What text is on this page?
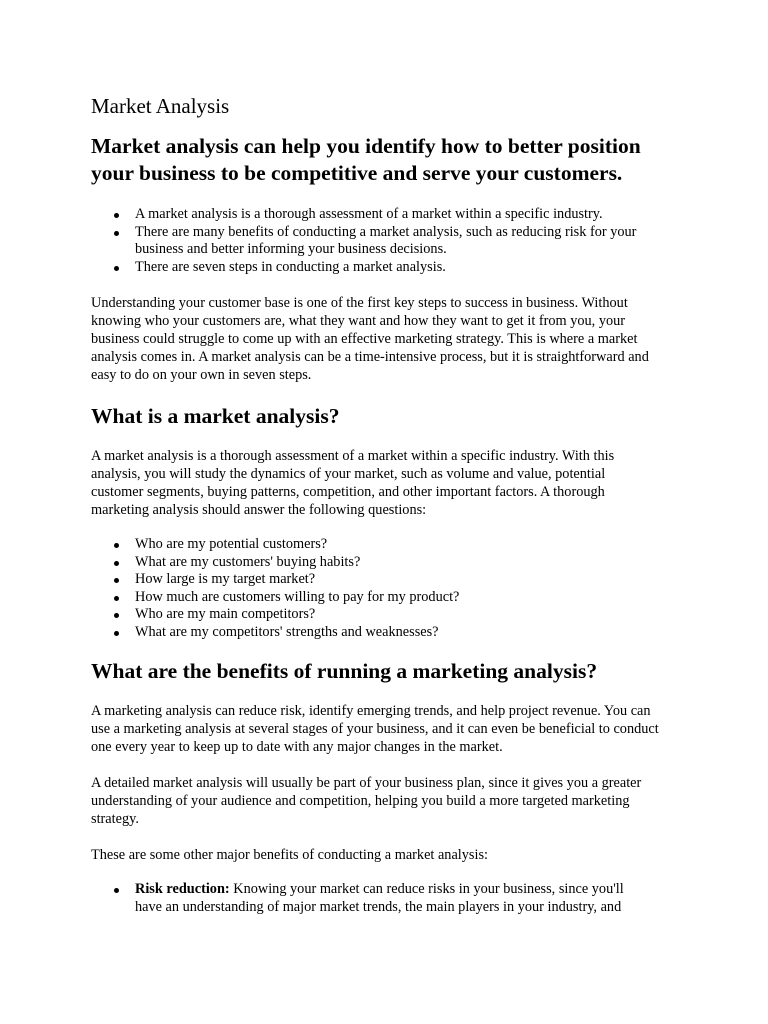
Market Analysis
Market analysis can help you identify how to better position your business to be competitive and serve your customers.
A market analysis is a thorough assessment of a market within a specific industry.
There are many benefits of conducting a market analysis, such as reducing risk for your business and better informing your business decisions.
There are seven steps in conducting a market analysis.

Understanding your customer base is one of the first key steps to success in business. Without knowing who your customers are, what they want and how they want to get it from you, your business could struggle to come up with an effective marketing strategy. This is where a market analysis comes in. A market analysis can be a time-intensive process, but it is straightforward and easy to do on your own in seven steps.

What is a market analysis?

A market analysis is a thorough assessment of a market within a specific industry. With this analysis, you will study the dynamics of your market, such as volume and value, potential customer segments, buying patterns, competition, and other important factors. A thorough marketing analysis should answer the following questions:

Who are my potential customers?
What are my customers' buying habits?
How large is my target market?
How much are customers willing to pay for my product?
Who are my main competitors?
What are my competitors' strengths and weaknesses?
What are the benefits of running a marketing analysis?

A marketing analysis can reduce risk, identify emerging trends, and help project revenue. You can use a marketing analysis at several stages of your business, and it can even be beneficial to conduct one every year to keep up to date with any major changes in the market.

A detailed market analysis will usually be part of your business plan, since it gives you a greater understanding of your audience and competition, helping you build a more targeted marketing strategy.

These are some other major benefits of conducting a market analysis:

Risk reduction: Knowing your market can reduce risks in your business, since you'll have an understanding of major market trends, the main players in your industry, and
